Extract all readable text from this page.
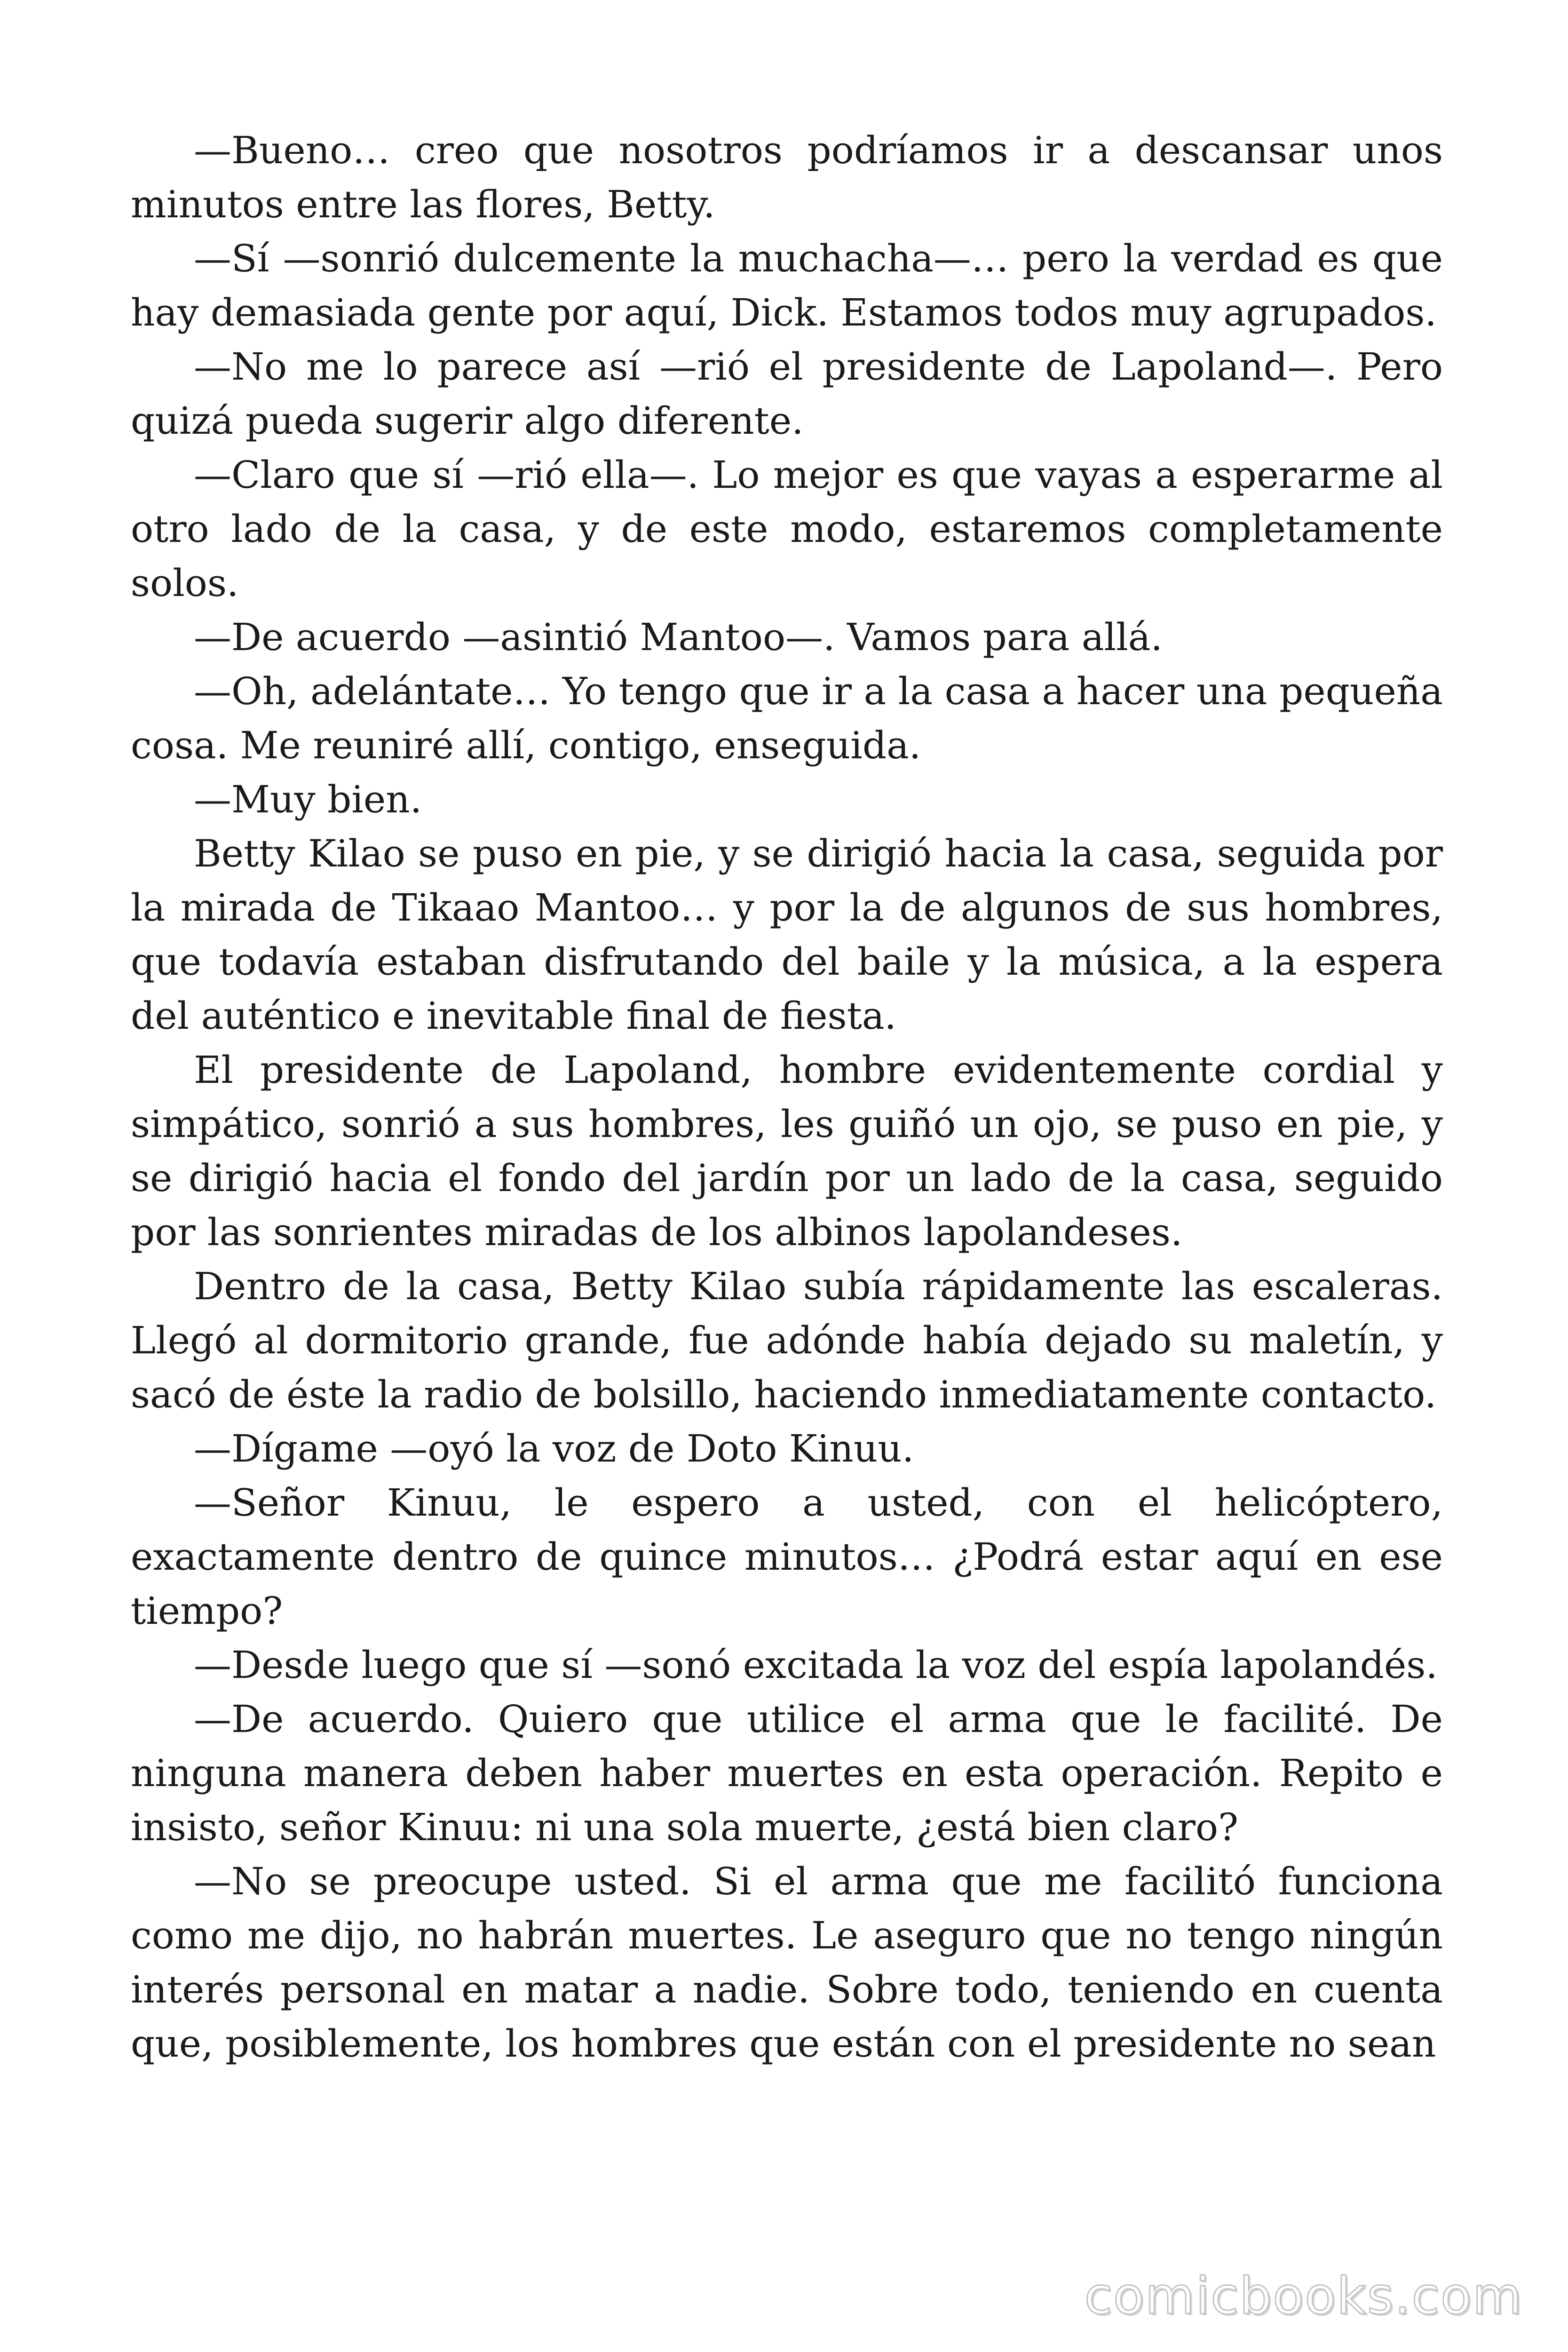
—Bueno… creo que nosotros podríamos ir a descansar unos minutos entre las flores, Betty.

—Sí —sonrió dulcemente la muchacha—… pero la verdad es que hay demasiada gente por aquí, Dick. Estamos todos muy agrupados.

—No me lo parece así —rió el presidente de Lapoland—. Pero quizá pueda sugerir algo diferente.

—Claro que sí —rió ella—. Lo mejor es que vayas a esperarme al otro lado de la casa, y de este modo, estaremos completamente solos.

—De acuerdo —asintió Mantoo—. Vamos para allá.

—Oh, adelántate… Yo tengo que ir a la casa a hacer una pequeña cosa. Me reuniré allí, contigo, enseguida.

—Muy bien.

Betty Kilao se puso en pie, y se dirigió hacia la casa, seguida por la mirada de Tikaao Mantoo… y por la de algunos de sus hombres, que todavía estaban disfrutando del baile y la música, a la espera del auténtico e inevitable final de fiesta.

El presidente de Lapoland, hombre evidentemente cordial y simpático, sonrió a sus hombres, les guiñó un ojo, se puso en pie, y se dirigió hacia el fondo del jardín por un lado de la casa, seguido por las sonrientes miradas de los albinos lapolandeses.

Dentro de la casa, Betty Kilao subía rápidamente las escaleras. Llegó al dormitorio grande, fue adónde había dejado su maletín, y sacó de éste la radio de bolsillo, haciendo inmediatamente contacto.

—Dígame —oyó la voz de Doto Kinuu.

—Señor Kinuu, le espero a usted, con el helicóptero, exactamente dentro de quince minutos… ¿Podrá estar aquí en ese tiempo?

—Desde luego que sí —sonó excitada la voz del espía lapolandés.

—De acuerdo. Quiero que utilice el arma que le facilité. De ninguna manera deben haber muertes en esta operación. Repito e insisto, señor Kinuu: ni una sola muerte, ¿está bien claro?

—No se preocupe usted. Si el arma que me facilitó funciona como me dijo, no habrán muertes. Le aseguro que no tengo ningún interés personal en matar a nadie. Sobre todo, teniendo en cuenta que, posiblemente, los hombres que están con el presidente no sean

comicbooks.com
